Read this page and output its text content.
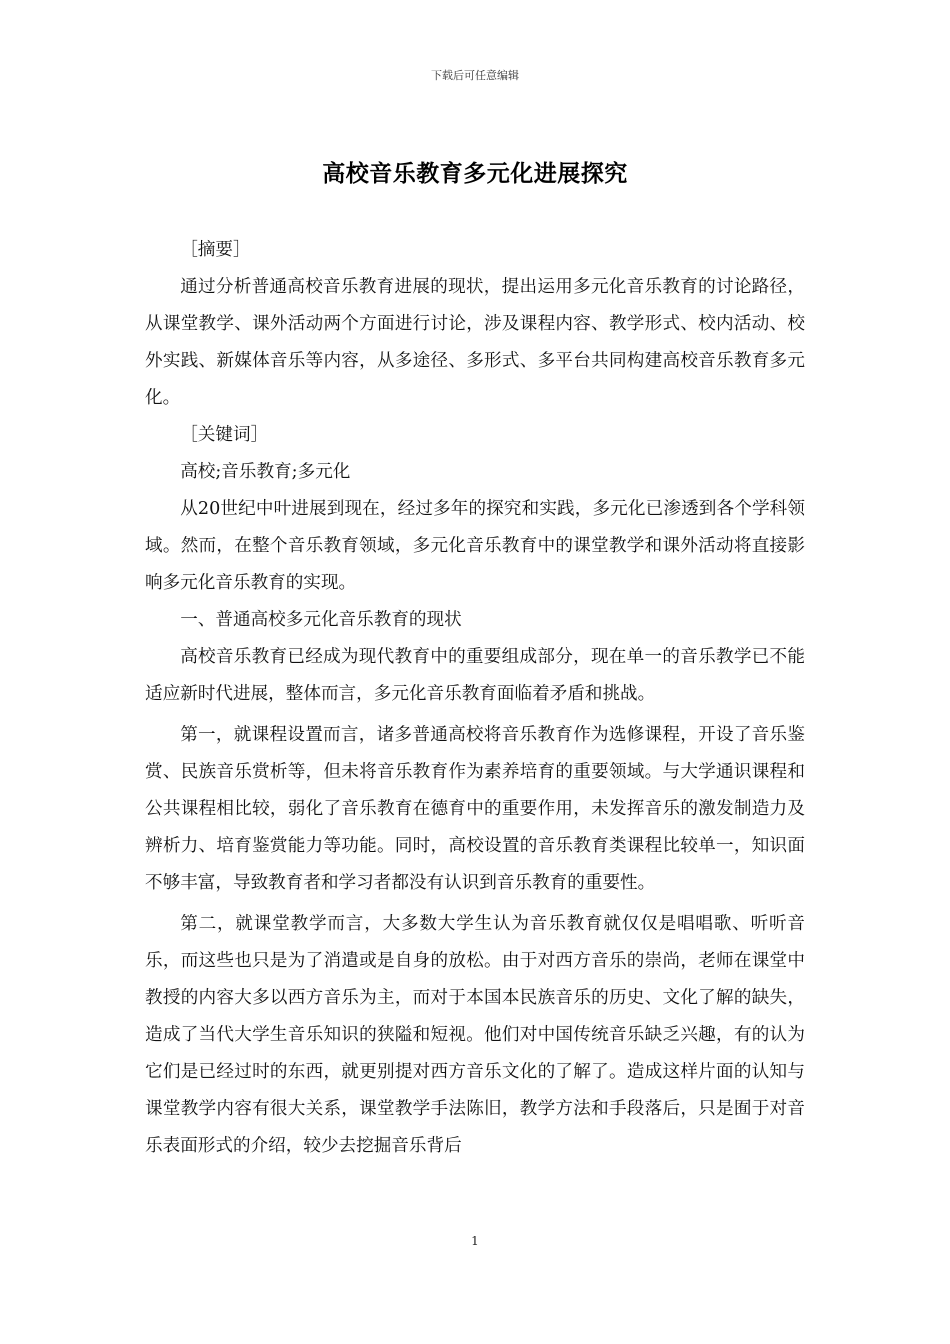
下载后可任意编辑
高校音乐教育多元化进展探究

［摘要］

通过分析普通高校音乐教育进展的现状，提出运用多元化音乐教育的讨论路径，从课堂教学、课外活动两个方面进行讨论，涉及课程内容、教学形式、校内活动、校外实践、新媒体音乐等内容，从多途径、多形式、多平台共同构建高校音乐教育多元化。

［关键词］

高校;音乐教育;多元化

从20世纪中叶进展到现在，经过多年的探究和实践，多元化已渗透到各个学科领域。然而，在整个音乐教育领域，多元化音乐教育中的课堂教学和课外活动将直接影响多元化音乐教育的实现。

一、普通高校多元化音乐教育的现状

高校音乐教育已经成为现代教育中的重要组成部分，现在单一的音乐教学已不能适应新时代进展，整体而言，多元化音乐教育面临着矛盾和挑战。

第一，就课程设置而言，诸多普通高校将音乐教育作为选修课程，开设了音乐鉴赏、民族音乐赏析等，但未将音乐教育作为素养培育的重要领域。与大学通识课程和公共课程相比较，弱化了音乐教育在德育中的重要作用，未发挥音乐的激发制造力及辨析力、培育鉴赏能力等功能。同时，高校设置的音乐教育类课程比较单一，知识面不够丰富，导致教育者和学习者都没有认识到音乐教育的重要性。

第二，就课堂教学而言，大多数大学生认为音乐教育就仅仅是唱唱歌、听听音乐，而这些也只是为了消遣或是自身的放松。由于对西方音乐的崇尚，老师在课堂中教授的内容大多以西方音乐为主，而对于本国本民族音乐的历史、文化了解的缺失，造成了当代大学生音乐知识的狭隘和短视。他们对中国传统音乐缺乏兴趣，有的认为它们是已经过时的东西，就更别提对西方音乐文化的了解了。造成这样片面的认知与课堂教学内容有很大关系，课堂教学手法陈旧，教学方法和手段落后，只是囿于对音乐表面形式的介绍，较少去挖掘音乐背后

1
